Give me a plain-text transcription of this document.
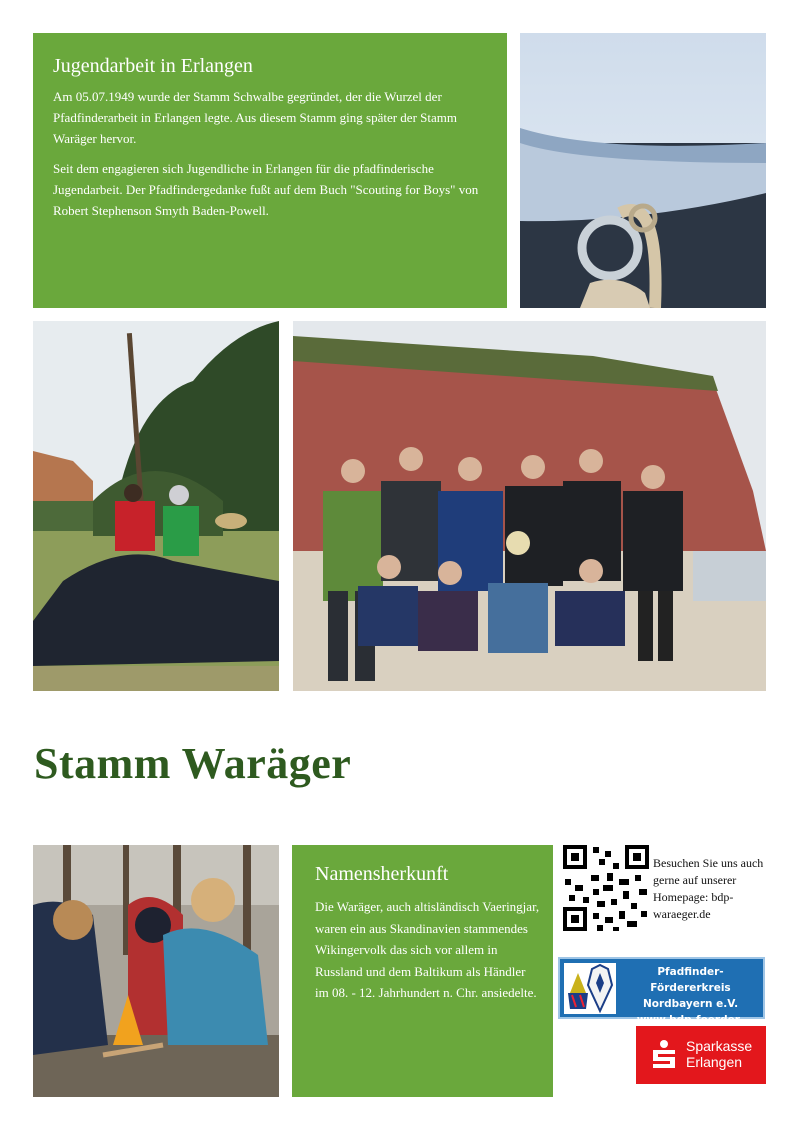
Jugendarbeit in Erlangen

Am 05.07.1949 wurde der Stamm Schwalbe gegründet, der die Wurzel der Pfadfinderarbeit in Erlangen legte. Aus diesem Stamm ging später der Stamm Waräger hervor.

Seit dem engagieren sich Jugendliche in Erlangen für die pfadfinderische Jugendarbeit. Der Pfadfindergedanke fußt auf dem Buch "Scouting for Boys" von Robert Stephenson Smyth Baden-Powell.

Stamm Waräger
Namensherkunft

Die Waräger, auch altisländisch Vaeringjar, waren ein aus Skandinavien stammendes Wikingervolk das sich vor allem in Russland und dem Baltikum als Händler im 08. - 12. Jahrhundert n. Chr. ansiedelte.

Besuchen Sie uns auch gerne auf unserer Homepage: bdp-waraeger.de
Pfadfinder-Fördererkreis
Nordbayern e.V.
www.bdp-foerder-
Sparkasse
Erlangen
